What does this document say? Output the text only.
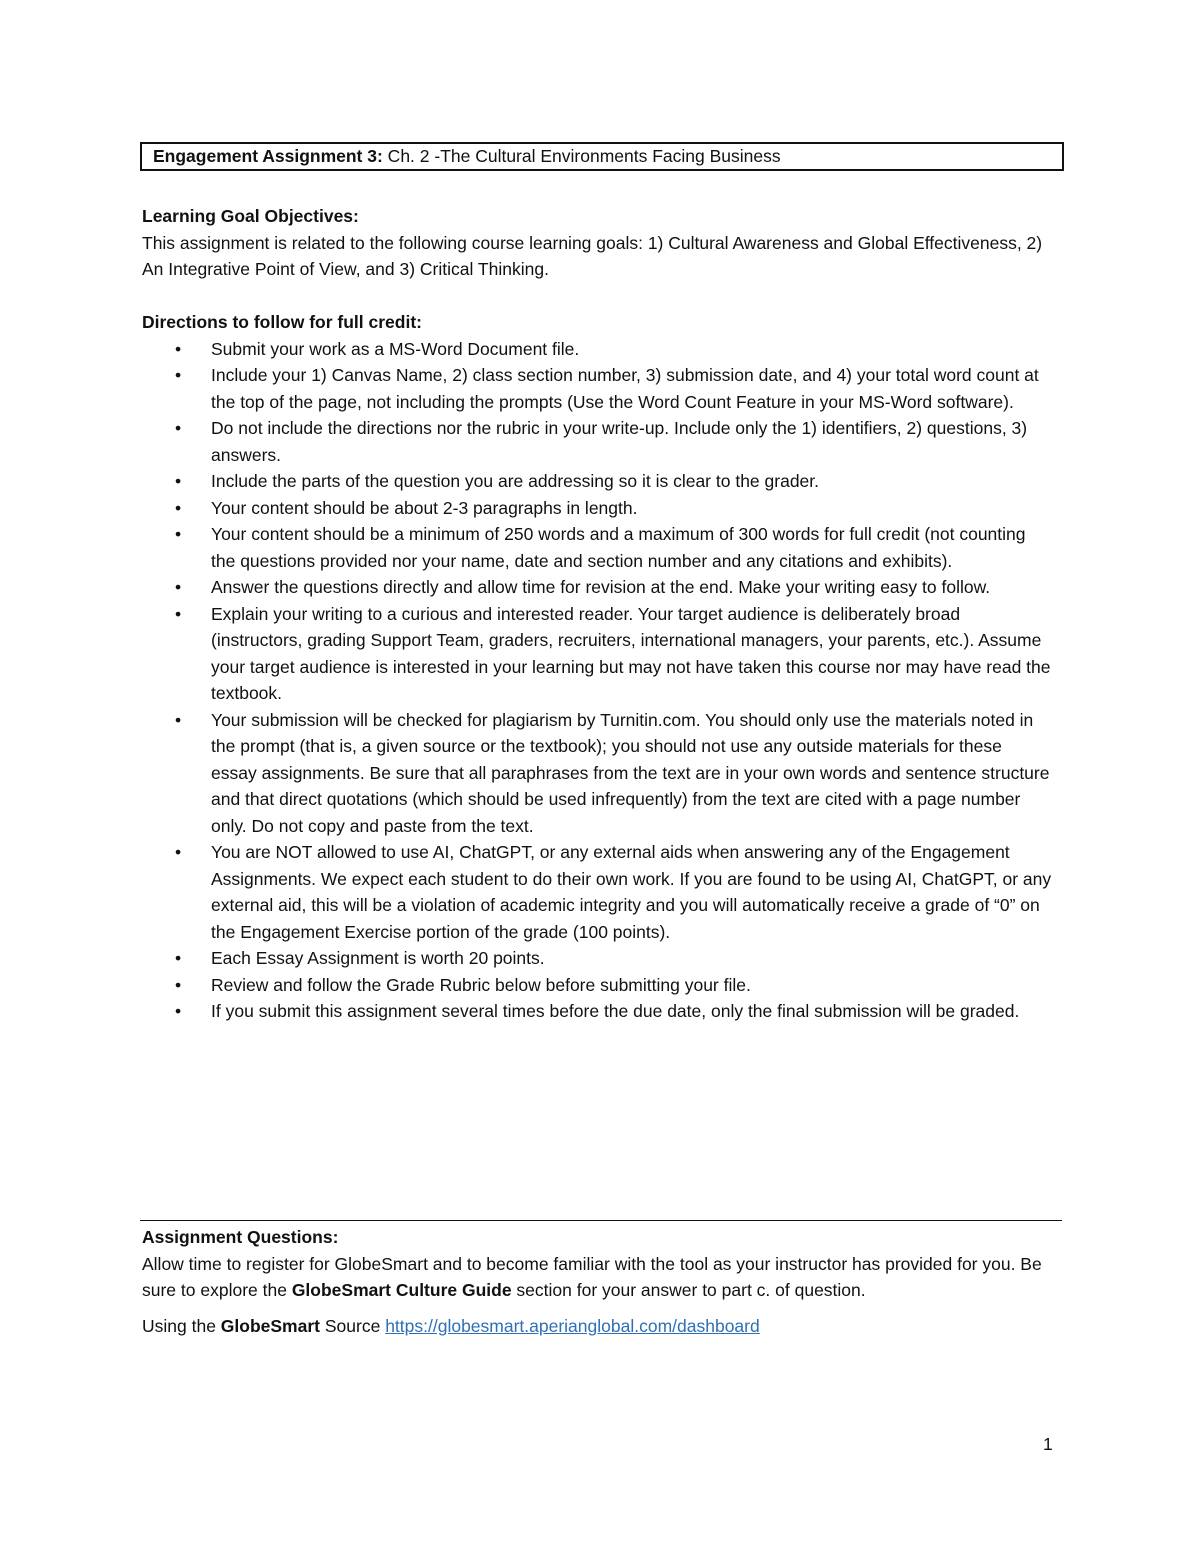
Engagement Assignment 3: Ch. 2 -The Cultural Environments Facing Business

Learning Goal Objectives:

This assignment is related to the following course learning goals: 1) Cultural Awareness and Global Effectiveness, 2) An Integrative Point of View, and 3) Critical Thinking.

Directions to follow for full credit:

• Submit your work as a MS-Word Document file.
• Include your 1) Canvas Name, 2) class section number, 3) submission date, and 4) your total word count at the top of the page, not including the prompts (Use the Word Count Feature in your MS-Word software).
• Do not include the directions nor the rubric in your write-up. Include only the 1) identifiers, 2) questions, 3) answers.
• Include the parts of the question you are addressing so it is clear to the grader.
• Your content should be about 2-3 paragraphs in length.
• Your content should be a minimum of 250 words and a maximum of 300 words for full credit (not counting the questions provided nor your name, date and section number and any citations and exhibits).
• Answer the questions directly and allow time for revision at the end. Make your writing easy to follow.
• Explain your writing to a curious and interested reader. Your target audience is deliberately broad (instructors, grading Support Team, graders, recruiters, international managers, your parents, etc.). Assume your target audience is interested in your learning but may not have taken this course nor may have read the textbook.
• Your submission will be checked for plagiarism by Turnitin.com. You should only use the materials noted in the prompt (that is, a given source or the textbook); you should not use any outside materials for these essay assignments. Be sure that all paraphrases from the text are in your own words and sentence structure and that direct quotations (which should be used infrequently) from the text are cited with a page number only. Do not copy and paste from the text.
• You are NOT allowed to use AI, ChatGPT, or any external aids when answering any of the Engagement Assignments. We expect each student to do their own work. If you are found to be using AI, ChatGPT, or any external aid, this will be a violation of academic integrity and you will automatically receive a grade of “0” on the Engagement Exercise portion of the grade (100 points).
• Each Essay Assignment is worth 20 points.
• Review and follow the Grade Rubric below before submitting your file.
• If you submit this assignment several times before the due date, only the final submission will be graded.

Assignment Questions:

Allow time to register for GlobeSmart and to become familiar with the tool as your instructor has provided for you. Be sure to explore the GlobeSmart Culture Guide section for your answer to part c. of question.

Using the GlobeSmart Source https://globesmart.aperianglobal.com/dashboard

1
